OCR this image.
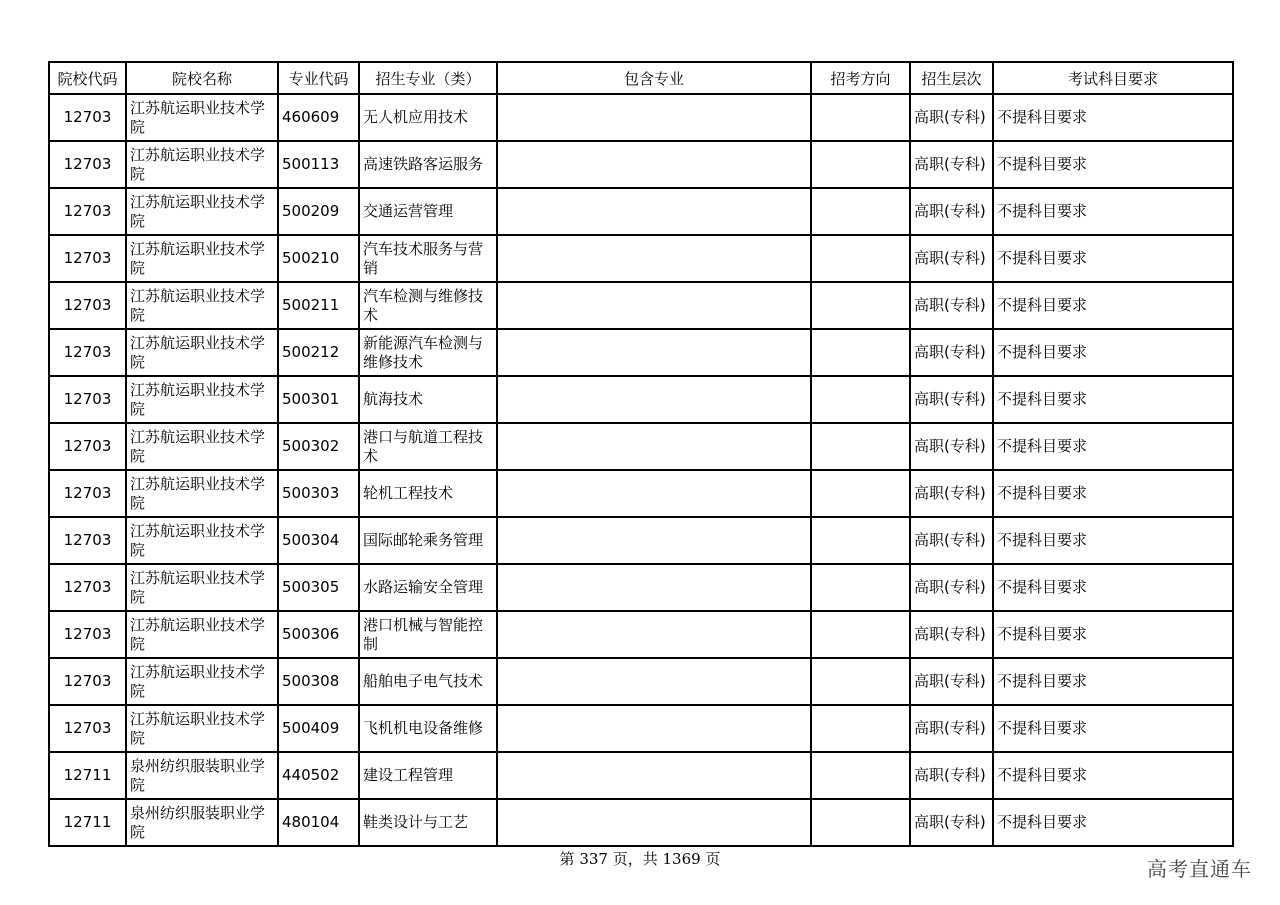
院校代码	院校名称	专业代码	招生专业（类）	包含专业	招考方向	招生层次	考试科目要求
12703	江苏航运职业技术学院	460609	无人机应用技术			高职(专科)	不提科目要求
12703	江苏航运职业技术学院	500113	高速铁路客运服务			高职(专科)	不提科目要求
12703	江苏航运职业技术学院	500209	交通运营管理			高职(专科)	不提科目要求
12703	江苏航运职业技术学院	500210	汽车技术服务与营销			高职(专科)	不提科目要求
12703	江苏航运职业技术学院	500211	汽车检测与维修技术			高职(专科)	不提科目要求
12703	江苏航运职业技术学院	500212	新能源汽车检测与维修技术			高职(专科)	不提科目要求
12703	江苏航运职业技术学院	500301	航海技术			高职(专科)	不提科目要求
12703	江苏航运职业技术学院	500302	港口与航道工程技术			高职(专科)	不提科目要求
12703	江苏航运职业技术学院	500303	轮机工程技术			高职(专科)	不提科目要求
12703	江苏航运职业技术学院	500304	国际邮轮乘务管理			高职(专科)	不提科目要求
12703	江苏航运职业技术学院	500305	水路运输安全管理			高职(专科)	不提科目要求
12703	江苏航运职业技术学院	500306	港口机械与智能控制			高职(专科)	不提科目要求
12703	江苏航运职业技术学院	500308	船舶电子电气技术			高职(专科)	不提科目要求
12703	江苏航运职业技术学院	500409	飞机机电设备维修			高职(专科)	不提科目要求
12711	泉州纺织服装职业学院	440502	建设工程管理			高职(专科)	不提科目要求
12711	泉州纺织服装职业学院	480104	鞋类设计与工艺			高职(专科)	不提科目要求
第 337 页，共 1369 页	高考直通车
